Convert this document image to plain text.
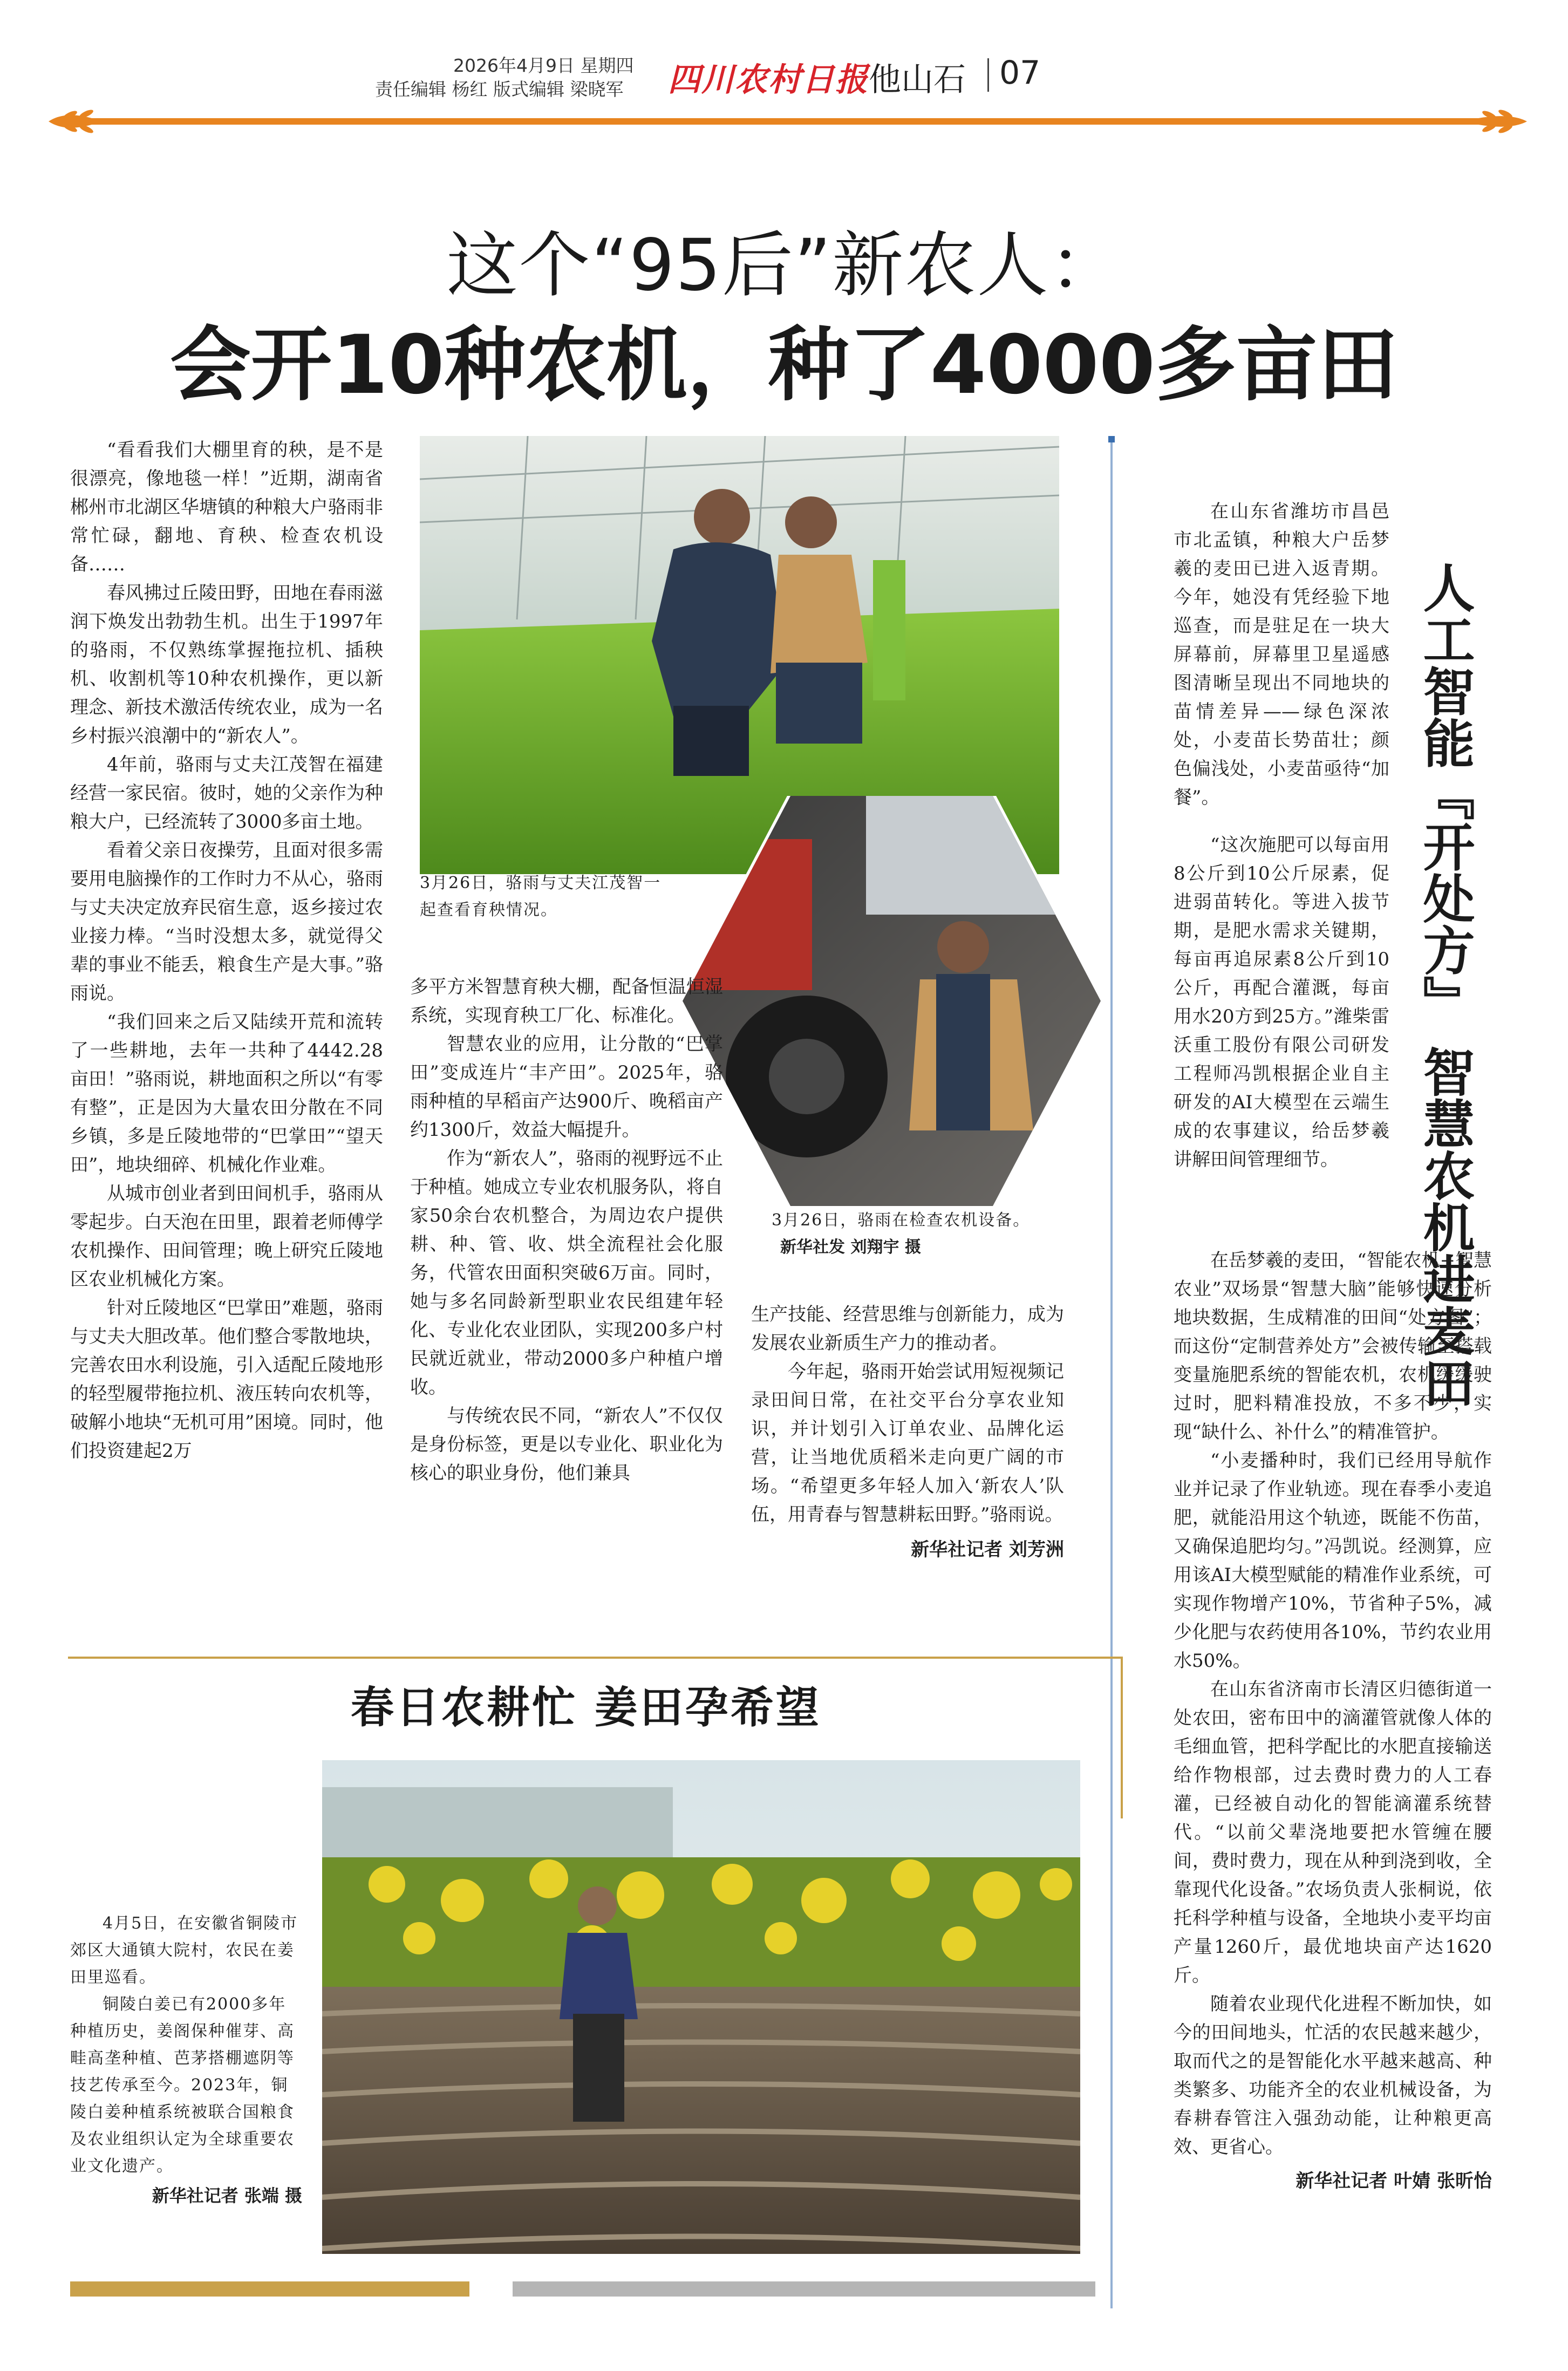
2026年4月9日 星期四
责任编辑 杨红 版式编辑 梁晓军 四川农村日报 他山石 07
这个“95后”新农人：
会开10种农机，种了4000多亩田

“看看我们大棚里育的秧，是不是很漂亮，像地毯一样！”近期，湖南省郴州市北湖区华塘镇的种粮大户骆雨非常忙碌，翻地、育秧、检查农机设备……

春风拂过丘陵田野，田地在春雨滋润下焕发出勃勃生机。出生于1997年的骆雨，不仅熟练掌握拖拉机、插秧机、收割机等10种农机操作，更以新理念、新技术激活传统农业，成为一名乡村振兴浪潮中的“新农人”。

4年前，骆雨与丈夫江茂智在福建经营一家民宿。彼时，她的父亲作为种粮大户，已经流转了3000多亩土地。

看着父亲日夜操劳，且面对很多需要用电脑操作的工作时力不从心，骆雨与丈夫决定放弃民宿生意，返乡接过农业接力棒。“当时没想太多，就觉得父辈的事业不能丢，粮食生产是大事。”骆雨说。

“我们回来之后又陆续开荒和流转了一些耕地，去年一共种了4442.28亩田！”骆雨说，耕地面积之所以“有零有整”，正是因为大量农田分散在不同乡镇，多是丘陵地带的“巴掌田”“望天田”，地块细碎、机械化作业难。

从城市创业者到田间机手，骆雨从零起步。白天泡在田里，跟着老师傅学农机操作、田间管理；晚上研究丘陵地区农业机械化方案。

针对丘陵地区“巴掌田”难题，骆雨与丈夫大胆改革。他们整合零散地块，完善农田水利设施，引入适配丘陵地形的轻型履带拖拉机、液压转向农机等，破解小地块“无机可用”困境。同时，他们投资建起2万

3月26日，骆雨与丈夫江茂智一起查看育秧情况。

多平方米智慧育秧大棚，配备恒温恒湿系统，实现育秧工厂化、标准化。

智慧农业的应用，让分散的“巴掌田”变成连片“丰产田”。2025年，骆雨种植的早稻亩产达900斤、晚稻亩产约1300斤，效益大幅提升。

作为“新农人”，骆雨的视野远不止于种植。她成立专业农机服务队，将自家50余台农机整合，为周边农户提供耕、种、管、收、烘全流程社会化服务，代管农田面积突破6万亩。同时，她与多名同龄新型职业农民组建年轻化、专业化农业团队，实现200多户村民就近就业，带动2000多户种植户增收。

与传统农民不同，“新农人”不仅仅是身份标签，更是以专业化、职业化为核心的职业身份，他们兼具

3月26日，骆雨在检查农机设备。 新华社发 刘翔宇 摄

生产技能、经营思维与创新能力，成为发展农业新质生产力的推动者。

今年起，骆雨开始尝试用短视频记录田间日常，在社交平台分享农业知识，并计划引入订单农业、品牌化运营，让当地优质稻米走向更广阔的市场。“希望更多年轻人加入‘新农人’队伍，用青春与智慧耕耘田野。”骆雨说。

新华社记者 刘芳洲

人工智能『开处方』 智慧农机进麦田

在山东省潍坊市昌邑市北孟镇，种粮大户岳梦羲的麦田已进入返青期。今年，她没有凭经验下地巡查，而是驻足在一块大屏幕前，屏幕里卫星遥感图清晰呈现出不同地块的苗情差异——绿色深浓处，小麦苗长势苗壮；颜色偏浅处，小麦苗亟待“加餐”。

“这次施肥可以每亩用8公斤到10公斤尿素，促进弱苗转化。等进入拔节期，是肥水需求关键期，每亩再追尿素8公斤到10公斤，再配合灌溉，每亩用水20方到25方。”潍柴雷沃重工股份有限公司研发工程师冯凯根据企业自主研发的AI大模型在云端生成的农事建议，给岳梦羲讲解田间管理细节。

在岳梦羲的麦田，“智能农机+智慧农业”双场景“智慧大脑”能够快速分析地块数据，生成精准的田间“处方图”；而这份“定制营养处方”会被传输至搭载变量施肥系统的智能农机，农机缓缓驶过时，肥料精准投放，不多不少，实现“缺什么、补什么”的精准管护。

“小麦播种时，我们已经用导航作业并记录了作业轨迹。现在春季小麦追肥，就能沿用这个轨迹，既能不伤苗，又确保追肥均匀。”冯凯说。经测算，应用该AI大模型赋能的精准作业系统，可实现作物增产10%，节省种子5%，减少化肥与农药使用各10%，节约农业用水50%。

在山东省济南市长清区归德街道一处农田，密布田中的滴灌管就像人体的毛细血管，把科学配比的水肥直接输送给作物根部，过去费时费力的人工春灌，已经被自动化的智能滴灌系统替代。“以前父辈浇地要把水管缠在腰间，费时费力，现在从种到浇到收，全靠现代化设备。”农场负责人张桐说，依托科学种植与设备，全地块小麦平均亩产量1260斤，最优地块亩产达1620斤。

随着农业现代化进程不断加快，如今的田间地头，忙活的农民越来越少，取而代之的是智能化水平越来越高、种类繁多、功能齐全的农业机械设备，为春耕春管注入强劲动能，让种粮更高效、更省心。

新华社记者 叶婧 张昕怡

春日农耕忙 姜田孕希望

4月5日，在安徽省铜陵市郊区大通镇大院村，农民在姜田里巡看。

铜陵白姜已有2000多年种植历史，姜阁保种催芽、高畦高垄种植、芭茅搭棚遮阴等技艺传承至今。2023年，铜陵白姜种植系统被联合国粮食及农业组织认定为全球重要农业文化遗产。

新华社记者 张端 摄
